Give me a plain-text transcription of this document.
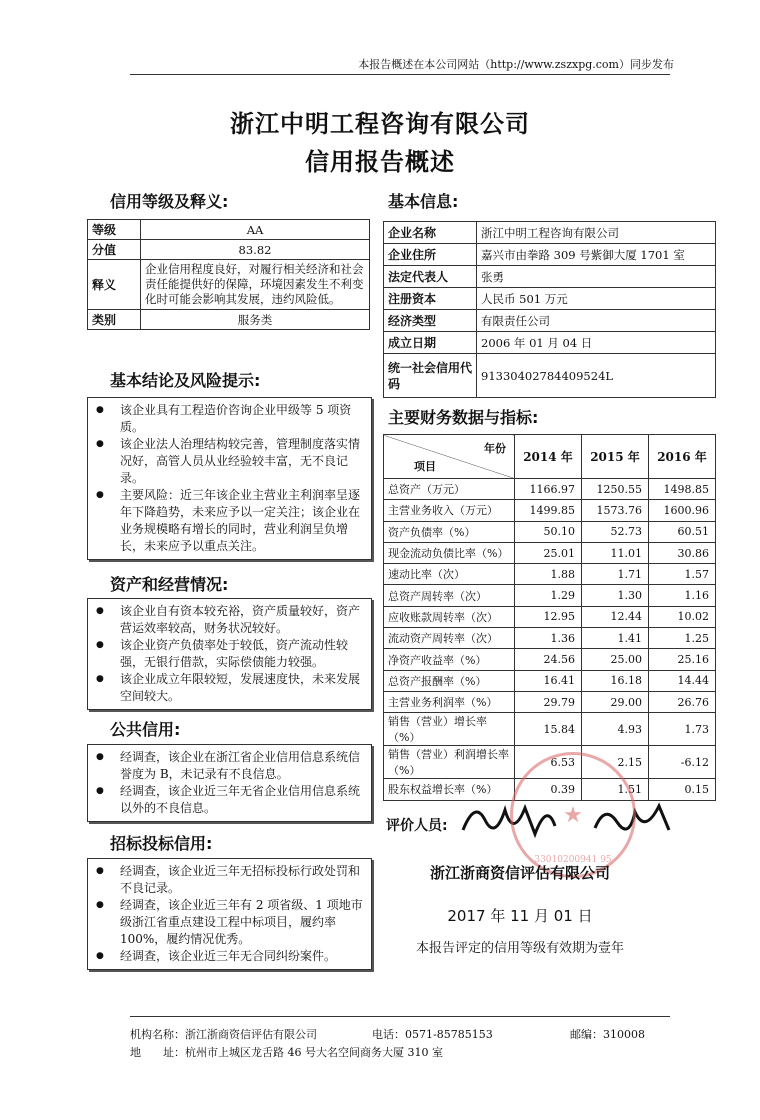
本报告概述在本公司网站（http://www.zszxpg.com）同步发布
浙江中明工程咨询有限公司
信用报告概述
信用等级及释义:
等级	AA
分值	83.82
释义	企业信用程度良好，对履行相关经济和社会责任能提供好的保障，环境因素发生不利变化时可能会影响其发展，违约风险低。
类别	服务类
基本信息:
企业名称	浙江中明工程咨询有限公司
企业住所	嘉兴市由拳路 309 号紫御大厦 1701 室
法定代表人	张勇
注册资本	人民币 501 万元
经济类型	有限责任公司
成立日期	2006 年 01 月 04 日
统一社会信用代码	91330402784409524L
基本结论及风险提示:
● 该企业具有工程造价咨询企业甲级等 5 项资质。
● 该企业法人治理结构较完善，管理制度落实情况好，高管人员从业经验较丰富，无不良记录。
● 主要风险：近三年该企业主营业主利润率呈逐年下降趋势，未来应予以一定关注；该企业在业务规模略有增长的同时，营业利润呈负增长，未来应予以重点关注。
资产和经营情况:
● 该企业自有资本较充裕，资产质量较好，资产营运效率较高，财务状况较好。
● 该企业资产负债率处于较低，资产流动性较强，无银行借款，实际偿债能力较强。
● 该企业成立年限较短，发展速度快，未来发展空间较大。
公共信用:
● 经调查，该企业在浙江省企业信用信息系统信誉度为 B，未记录有不良信息。
● 经调查，该企业近三年无省企业信用信息系统以外的不良信息。
招标投标信用:
● 经调查，该企业近三年无招标投标行政处罚和不良记录。
● 经调查，该企业近三年有 2 项省级、1 项地市级浙江省重点建设工程中标项目，履约率 100%，履约情况优秀。
● 经调查，该企业近三年无合同纠纷案件。
主要财务数据与指标:
年份
项目	2014 年	2015 年	2016 年
总资产（万元）	1166.97	1250.55	1498.85
主营业务收入（万元）	1499.85	1573.76	1600.96
资产负债率（%）	50.10	52.73	60.51
现金流动负债比率（%）	25.01	11.01	30.86
速动比率（次）	1.88	1.71	1.57
总资产周转率（次）	1.29	1.30	1.16
应收账款周转率（次）	12.95	12.44	10.02
流动资产周转率（次）	1.36	1.41	1.25
净资产收益率（%）	24.56	25.00	25.16
总资产报酬率（%）	16.41	16.18	14.44
主营业务利润率（%）	29.79	29.00	26.76
销售（营业）增长率（%）	15.84	4.93	1.73
销售（营业）利润增长率（%）	6.53	2.15	-6.12
股东权益增长率（%）	0.39	1.51	0.15
评价人员:	★
33010200941 95
浙江浙商资信评估有限公司
2017 年 11 月 01 日
本报告评定的信用等级有效期为壹年
机构名称：浙江浙商资信评估有限公司	电话：0571-85785153	邮编：310008
地　　址：杭州市上城区龙舌路 46 号大名空间商务大厦 310 室
